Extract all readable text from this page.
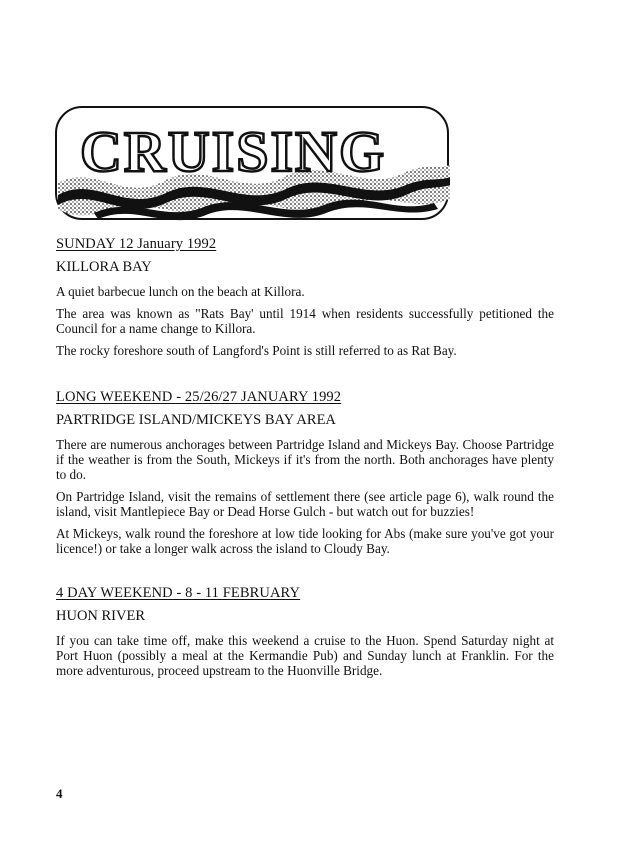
CRUISING
SUNDAY 12 January 1992
KILLORA BAY

A quiet barbecue lunch on the beach at Killora.

The area was known as "Rats Bay' until 1914 when residents successfully petitioned the Council for a name change to Killora.

The rocky foreshore south of Langford's Point is still referred to as Rat Bay.

LONG WEEKEND - 25/26/27 JANUARY 1992
PARTRIDGE ISLAND/MICKEYS BAY AREA

There are numerous anchorages between Partridge Island and Mickeys Bay. Choose Partridge if the weather is from the South, Mickeys if it's from the north. Both anchorages have plenty to do.

On Partridge Island, visit the remains of settlement there (see article page 6), walk round the island, visit Mantlepiece Bay or Dead Horse Gulch - but watch out for buzzies!

At Mickeys, walk round the foreshore at low tide looking for Abs (make sure you've got your licence!) or take a longer walk across the island to Cloudy Bay.

4 DAY WEEKEND - 8 - 11 FEBRUARY
HUON RIVER

If you can take time off, make this weekend a cruise to the Huon. Spend Saturday night at Port Huon (possibly a meal at the Kermandie Pub) and Sunday lunch at Franklin. For the more adventurous, proceed upstream to the Huonville Bridge.

4
